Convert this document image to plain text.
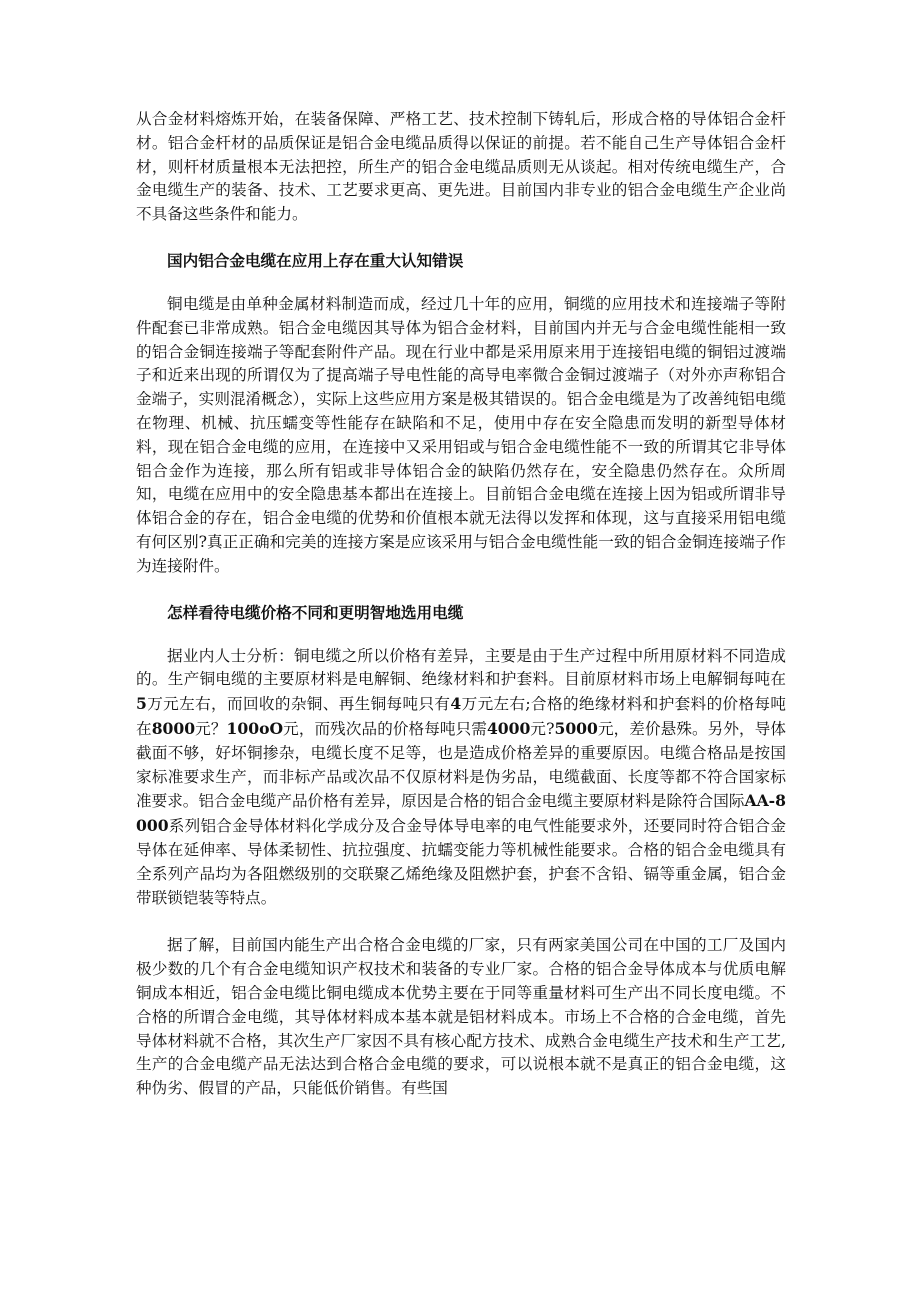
从合金材料熔炼开始，在装备保障、严格工艺、技术控制下铸轧后，形成合格的导体铝合金杆材。铝合金杆材的品质保证是铝合金电缆品质得以保证的前提。若不能自己生产导体铝合金杆材，则杆材质量根本无法把控，所生产的铝合金电缆品质则无从谈起。相对传统电缆生产，合金电缆生产的装备、技术、工艺要求更高、更先进。目前国内非专业的铝合金电缆生产企业尚不具备这些条件和能力。

国内铝合金电缆在应用上存在重大认知错误

铜电缆是由单种金属材料制造而成，经过几十年的应用，铜缆的应用技术和连接端子等附件配套已非常成熟。铝合金电缆因其导体为铝合金材料，目前国内并无与合金电缆性能相一致的铝合金铜连接端子等配套附件产品。现在行业中都是采用原来用于连接铝电缆的铜铝过渡端子和近来出现的所谓仅为了提高端子导电性能的高导电率微合金铜过渡端子（对外亦声称铝合金端子，实则混淆概念），实际上这些应用方案是极其错误的。铝合金电缆是为了改善纯铝电缆在物理、机械、抗压蠕变等性能存在缺陷和不足，使用中存在安全隐患而发明的新型导体材料，现在铝合金电缆的应用，在连接中又采用铝或与铝合金电缆性能不一致的所谓其它非导体铝合金作为连接，那么所有铝或非导体铝合金的缺陷仍然存在，安全隐患仍然存在。众所周知，电缆在应用中的安全隐患基本都出在连接上。目前铝合金电缆在连接上因为铝或所谓非导体铝合金的存在，铝合金电缆的优势和价值根本就无法得以发挥和体现，这与直接采用铝电缆有何区别?真正正确和完美的连接方案是应该采用与铝合金电缆性能一致的铝合金铜连接端子作为连接附件。

怎样看待电缆价格不同和更明智地选用电缆

据业内人士分析：铜电缆之所以价格有差异，主要是由于生产过程中所用原材料不同造成的。生产铜电缆的主要原材料是电解铜、绝缘材料和护套料。目前原材料市场上电解铜每吨在5万元左右，而回收的杂铜、再生铜每吨只有4万元左右;合格的绝缘材料和护套料的价格每吨在8000元？100oO元，而残次品的价格每吨只需4000元?5000元，差价悬殊。另外，导体截面不够，好坏铜掺杂，电缆长度不足等，也是造成价格差异的重要原因。电缆合格品是按国家标准要求生产，而非标产品或次品不仅原材料是伪劣品，电缆截面、长度等都不符合国家标准要求。铝合金电缆产品价格有差异，原因是合格的铝合金电缆主要原材料是除符合国际AA-8000系列铝合金导体材料化学成分及合金导体导电率的电气性能要求外，还要同时符合铝合金导体在延伸率、导体柔韧性、抗拉强度、抗蠕变能力等机械性能要求。合格的铝合金电缆具有全系列产品均为各阻燃级别的交联聚乙烯绝缘及阻燃护套，护套不含铅、镉等重金属，铝合金带联锁铠装等特点。

据了解，目前国内能生产出合格合金电缆的厂家，只有两家美国公司在中国的工厂及国内极少数的几个有合金电缆知识产权技术和装备的专业厂家。合格的铝合金导体成本与优质电解铜成本相近，铝合金电缆比铜电缆成本优势主要在于同等重量材料可生产出不同长度电缆。不合格的所谓合金电缆，其导体材料成本基本就是铝材料成本。市场上不合格的合金电缆，首先导体材料就不合格，其次生产厂家因不具有核心配方技术、成熟合金电缆生产技术和生产工艺,生产的合金电缆产品无法达到合格合金电缆的要求，可以说根本就不是真正的铝合金电缆，这种伪劣、假冒的产品，只能低价销售。有些国
